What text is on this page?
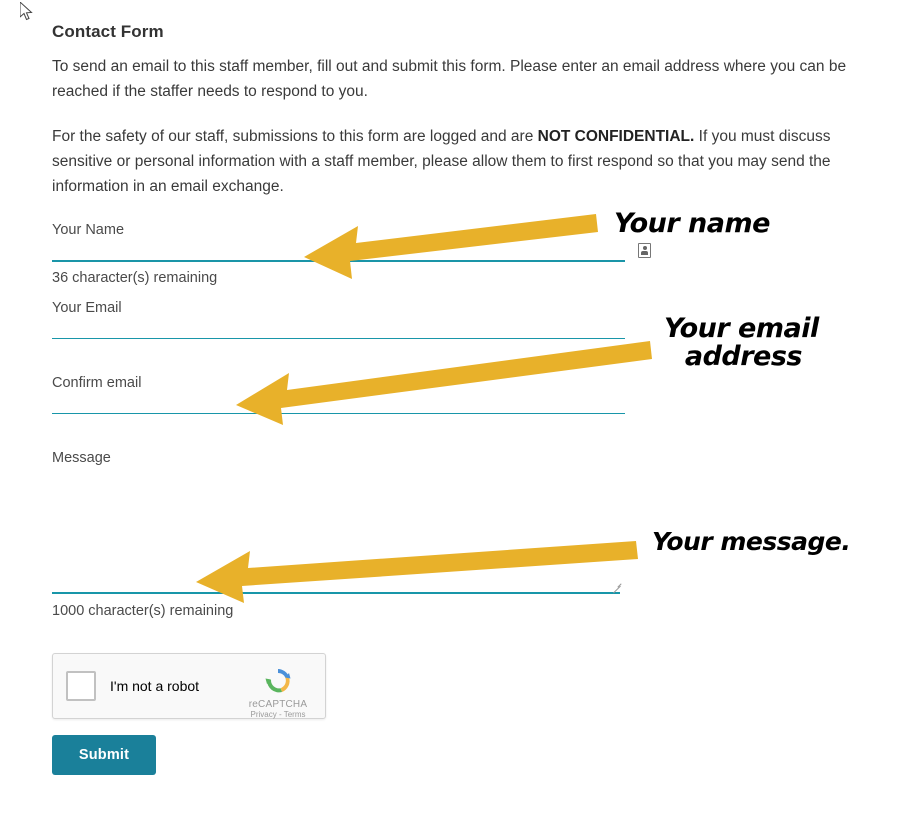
Contact Form

To send an email to this staff member, fill out and submit this form. Please enter an email address where you can be reached if the staffer needs to respond to you.

For the safety of our staff, submissions to this form are logged and are NOT CONFIDENTIAL. If you must discuss sensitive or personal information with a staff member, please allow them to first respond so that you may send the information in an email exchange.

Your Name
36 character(s) remaining
Your Email
Confirm email
Message
1000 character(s) remaining
I'm not a robot
reCAPTCHA
Privacy - Terms
Submit
Your name
Your email
address
Your message.
